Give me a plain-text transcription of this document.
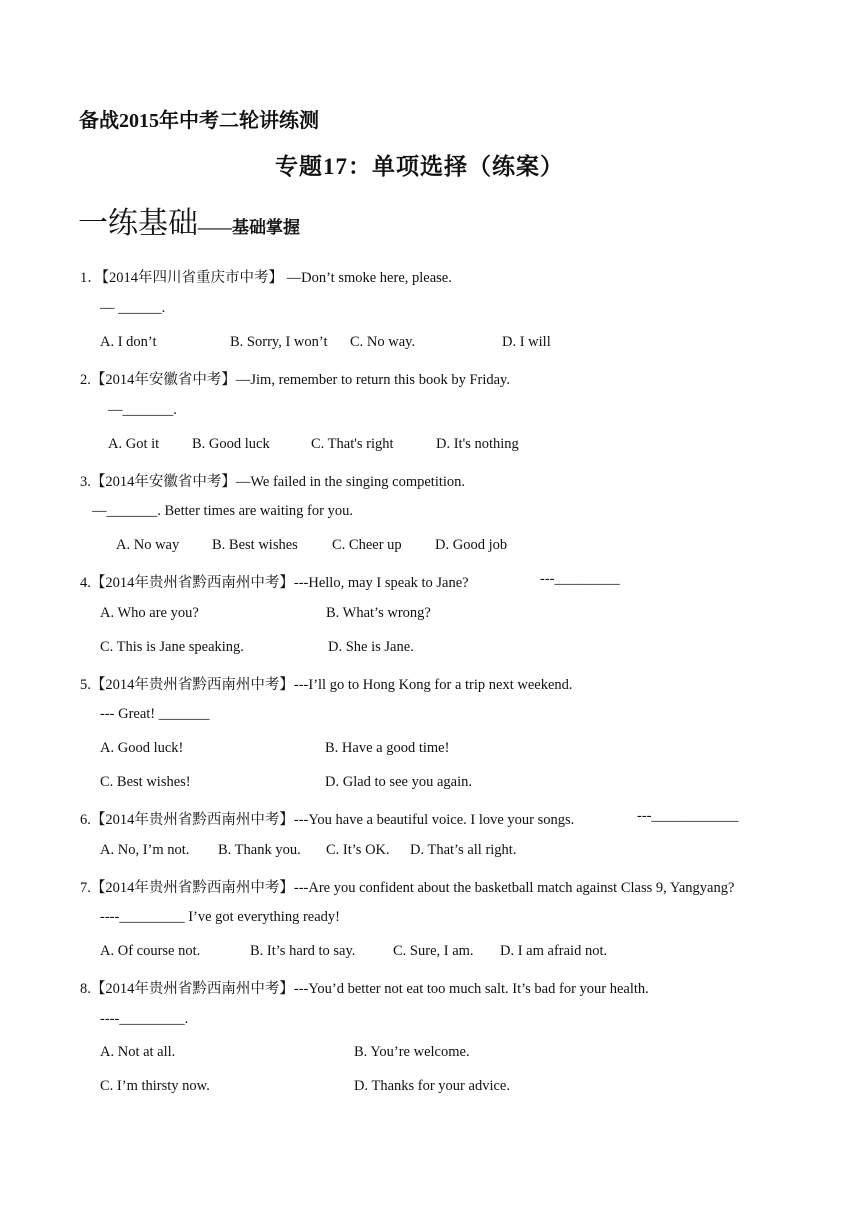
备战2015年中考二轮讲练测
专题17：单项选择（练案）
一练基础——基础掌握
1．【2014年四川省重庆市中考】 —Don’t smoke here, please.
— ______.
A. I don’t	B. Sorry, I won’t C. No way.	D. I will
2.【2014年安徽省中考】—Jim, remember to return this book by Friday.
—_______.
A. Got it B. Good luck	C. That's right	D. It's nothing
3.【2014年安徽省中考】—We failed in the singing competition.
—_______. Better times are waiting for you.
A. No way B. Best wishes C. Cheer up D. Good job
4.【2014年贵州省黔西南州中考】---Hello, may I speak to Jane?	---_________
A. Who are you?	B. What’s wrong?
C. This is Jane speaking.	D. She is Jane.
5.【2014年贵州省黔西南州中考】---I’ll go to Hong Kong for a trip next weekend.
--- Great! _______
A. Good luck!	B. Have a good time!
C. Best wishes!	D. Glad to see you again.
6.【2014年贵州省黔西南州中考】---You have a beautiful voice. I love your songs.	---____________
A. No, I’m not. B. Thank you. C. It’s OK. D. That’s all right.
7.【2014年贵州省黔西南州中考】---Are you confident about the basketball match against Class 9, Yangyang?
----_________ I’ve got everything ready!
A. Of course not.	B. It’s hard to say.	C. Sure, I am. D. I am afraid not.
8.【2014年贵州省黔西南州中考】---You’d better not eat too much salt. It’s bad for your health.
----_________.
A. Not at all.	B. You’re welcome.
C. I’m thirsty now.	D. Thanks for your advice.
